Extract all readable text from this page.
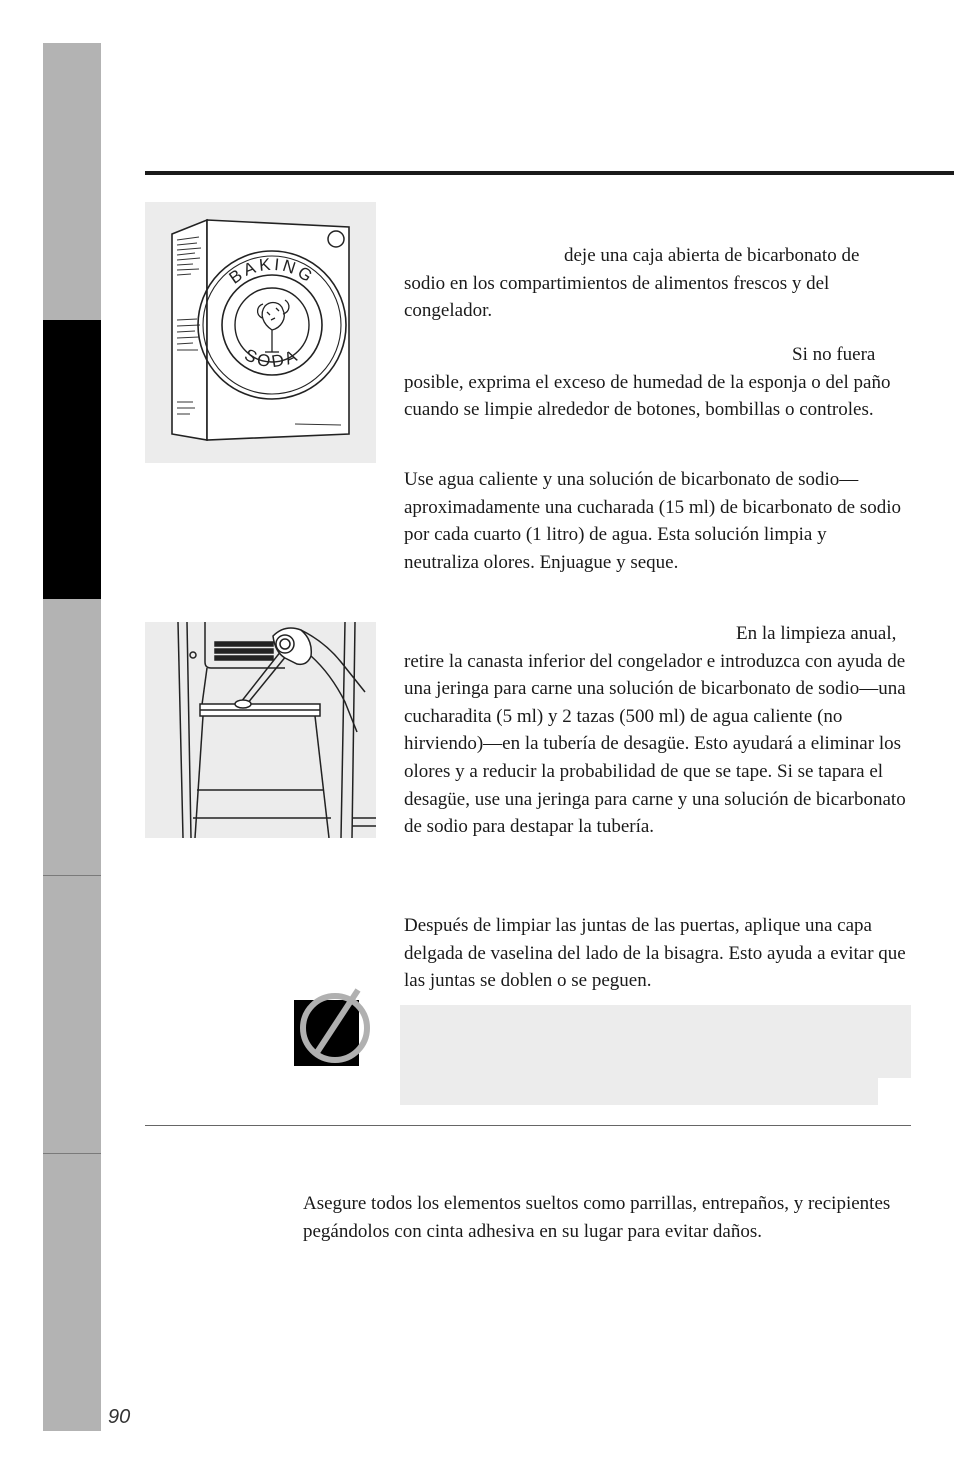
BAKING
SODA

deje una caja abierta de bicarbonato de sodio en los compartimientos de alimentos frescos y del congelador.

Si no fuera posible, exprima el exceso de humedad de la esponja o del paño cuando se limpie alrededor de botones, bombillas o controles.

Use agua caliente y una solución de bicarbonato de sodio—aproximadamente una cucharada (15 ml) de bicarbonato de sodio por cada cuarto (1 litro) de agua. Esta solución limpia y neutraliza olores. Enjuague y seque.

En la limpieza anual, retire la canasta inferior del congelador e introduzca con ayuda de una jeringa para carne una solución de bicarbonato de sodio—una cucharadita (5 ml) y 2 tazas (500 ml) de agua caliente (no hirviendo)—en la tubería de desagüe. Esto ayudará a eliminar los olores y a reducir la probabilidad de que se tape. Si se tapara el desagüe, use una jeringa para carne y una solución de bicarbonato de sodio para destapar la tubería.

Después de limpiar las juntas de las puertas, aplique una capa delgada de vaselina del lado de la bisagra. Esto ayuda a evitar que las juntas se doblen o se peguen.

Asegure todos los elementos sueltos como parrillas, entrepaños, y recipientes pegándolos con cinta adhesiva en su lugar para evitar daños.

90
